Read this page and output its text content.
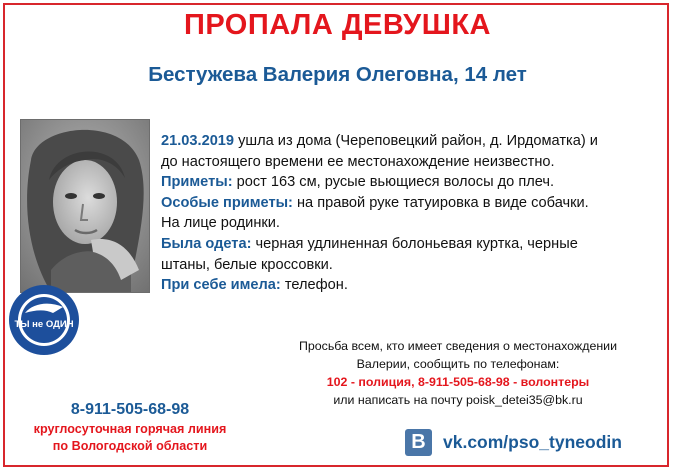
ПРОПАЛА ДЕВУШКА
Бестужева Валерия Олеговна, 14 лет
ТЫ не ОДИН

21.03.2019 ушла из дома (Череповецкий район, д. Ирдоматка) и

до настоящего времени ее местонахождение неизвестно.

Приметы: рост 163 см, русые вьющиеся волосы до плеч.

Особые приметы: на правой руке татуировка в виде собачки.

На лице родинки.

Была одета: черная удлиненная болоньевая куртка, черные

штаны, белые кроссовки.

При себе имела: телефон.

Просьба всем, кто имеет сведения о местонахождении
Валерии, сообщить по телефонам:
102 - полиция, 8-911-505-68-98 - волонтеры
или написать на почту poisk_detei35@bk.ru
8-911-505-68-98
круглосуточная горячая линия
по Вологодской области	B vk.com/pso_tyneodin
